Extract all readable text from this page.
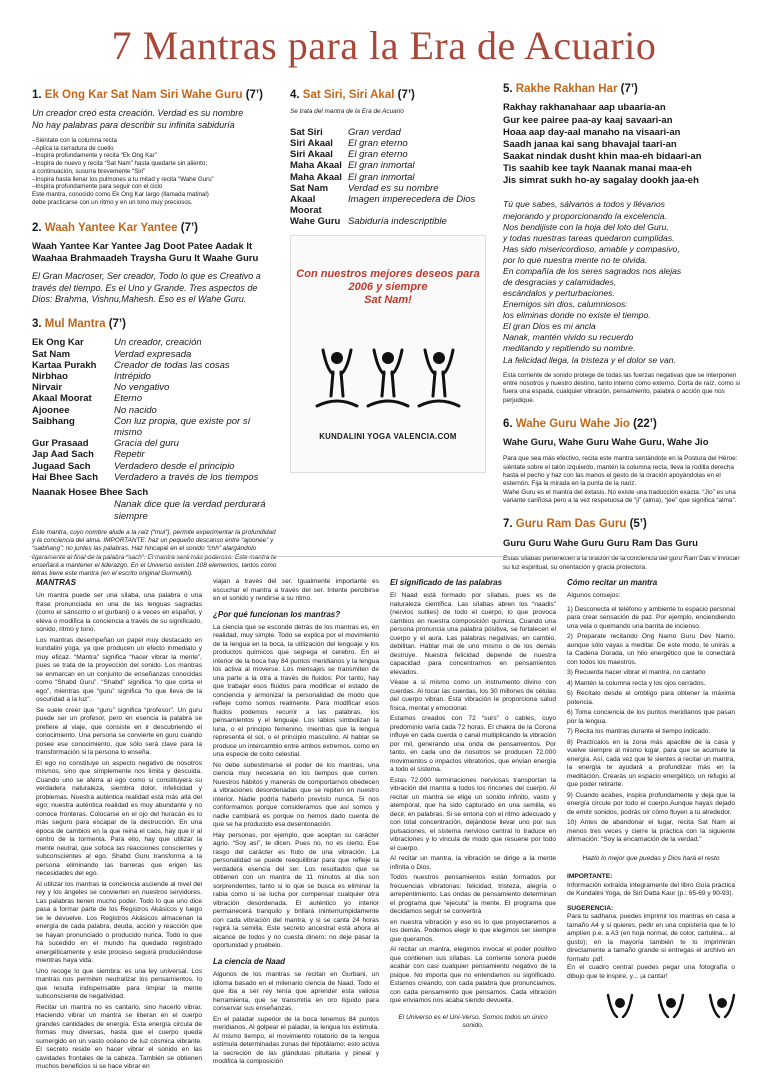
7 Mantras para la Era de Acuario
1. Ek Ong Kar Sat Nam Siri Wahe Guru (7’)
Un creador creó esta creación. Verdad es su nombre
No hay palabras para describir su infinita sabiduría
–Siéntate con la columna recta
–Aplica la cerradura de cuello
–Inspira profundamente y recita “Ek Ong Kar”
–Inspira de nuevo y recita “Sat Nam” hasta quedarte sin aliento;
a continuación, susurra brevemente “Siri”
–Inspira hasta llenar los pulmones a tu mitad y recita “Wahe Guru”
–Inspira profundamente para seguir con el ciclo
Este mantra, conocido como Ek Ong Kar largo (llamada matinal)
debe practicarse con un ritmo y en un tono muy preciosos.
2. Waah Yantee Kar Yantee (7’)
Waah Yantee Kar Yantee Jag Doot Patee Aadak It
Waahaa Brahmaadeh Traysha Guru It Waahe Guru
El Gran Macroser, Ser creador, Todo lo que es Creativo a través del tiempo. Es el Uno y Grande. Tres aspectos de Dios: Brahma, Vishnu,Mahesh. Eso es el Wahe Guru.
3. Mul Mantra (7’)
Ek Ong Kar	Un creador, creación
Sat Nam	Verdad expresada
Kartaa Purakh	Creador de todas las cosas
Nirbhao	Intrépido
Nirvair	No vengativo
Akaal Moorat	Eterno
Ajoonee	No nacido
Saibhang	Con luz propia, que existe por sí mismo
Gur Prasaad	Gracia del guru
Jap Aad Sach	Repetir
Jugaad Sach	Verdadero desde el principio
Hai Bhee Sach	Verdadero a través de los tiempos
Naanak Hosee Bhee Sach
Nanak dice que la verdad perdurará siempre
Este mantra, cuyo nombre alude a la raíz (“mul”), permite experimentar la profundidad y la conciencia del alma. IMPORTANTE: haz un pequeño descanso entre “ajoonee” y “saibhang”; no juntes las palabras. Haz hincapié en el sonido “chh” alargándolo ligeramente al final de la palabra “sach”. El mantra será más poderoso. Este mantra te enseñará a mantener el liderazgo. En el Universo existen 108 elementos, tantos como letras tiene este mantra (en el escrito original Gurmukhi).
4. Sat Siri, Siri Akal (7’)
Se trata del mantra de la Era de Acuario
Sat Siri	Gran verdad
Siri Akaal	El gran eterno
Siri Akaal	El gran eterno
Maha Akaal	El gran inmortal
Maha Akaal	El gran inmortal
Sat Nam	Verdad es su nombre
Akaal Moorat	Imagen imperecedera de Dios
Wahe Guru	Sabiduría indescriptible
Con nuestros mejores deseos para 2006 y siempre
Sat Nam!
KUNDALINI YOGA VALENCIA.COM
5. Rakhe Rakhan Har (7’)
Rakhay rakhanahaar aap ubaaria-an
Gur kee pairee paa-ay kaaj savaari-an
Hoaa aap day-aal manaho na visaari-an
Saadh janaa kai sang bhavajal taari-an
Saakat nindak dusht khin maa-eh bidaari-an
Tis saahib kee tayk Naanak manai maa-eh
Jis simrat sukh ho-ay sagalay dookh jaa-eh
Tú que sabes, sálvanos a todos y llévanos
mejorando y proporcionando la excelencia.
Nos bendijiste con la hoja del loto del Guru,
y todas nuestras tareas quedaron cumplidas.
Has sido misericordioso, amable y compasivo,
por lo que nuestra mente no te olvida.
En compañía de los seres sagrados nos alejas
de desgracias y calamidades,
escándalos y perturbaciones.
Enemigos sin dios, calumniosos:
los eliminas donde no existe el tiempo.
El gran Dios es mi ancla
Nanak, mantén vivido su recuerdo
meditando y repitiendo su nombre.
La felicidad llega, la tristeza y el dolor se van.
Esta corriente de sonido protege de todas las fuerzas negativas que se interponen entre nosotros y nuestro destino, tanto interno como externo. Corta de raíz, como si fuera una espada, cualquier vibración, pensamiento, palabra o acción que nos perjudique.
6. Wahe Guru Wahe Jio (22’)
Wahe Guru, Wahe Guru Wahe Guru, Wahe Jio
Para que sea más efectivo, recita este mantra sentándote en la Postura del Héroe: siéntate sobre el talón izquierdo, mantén la columna recta, lleva la rodilla derecha hasta el pecho y haz con las manos el gesto de la oración apoyándolas en el esternón. Fija la mirada en la punta de la nariz.
Wahe Guru es el mantra del éxtasis. No existe una traducción exacta. “Jio” es una variante cariñosa pero a la vez respetuosa de “ji” (alma), “jee” que significa “alma”.
7. Guru Ram Das Guru (5’)
Guru Guru Wahe Guru Guru Ram Das Guru
Estas sílabas pertenecen a la oración de la conciencia del guru Ram Das e invocan su luz espiritual, su orientación y gracia protectora.
MANTRAS
Un mantra puede ser una sílaba, una palabra o una frase pronunciada en una de las lenguas sagradas (como el sánscrito o el gurbani) o a veces en español, y eleva o modifica la conciencia a través de su significado, sonido, ritmo y tono.
Los mantras desempeñan un papel muy destacado en kundalini yoga, ya que producen un efecto inmediato y muy eficaz. “Mantra” significa “hacer vibrar la mente”, pues se trata de la proyección del sonido. Los mantras se enmarcan en un conjunto de enseñanzas conocidas como “Shabd Guru”. “Shabd” significa “lo que corta el ego”, mientras que “guru” significa “lo que lleva de la oscuridad a la luz”.
Se suele creer que “guru” significa “profesor”. Un guru puede ser un profesor, pero en esencia la palabra se prefiere al viaje, que consiste en ir descubriendo el conocimiento. Una persona se convierte en guru cuando posee ese conocimiento, que sólo será clave para la transformación si la persona lo enseña.
El ego no constituye un aspecto negativo de nosotros mismos, sino que simplemente nos limita y descuida. Cuando uno se aferra al ego como si constituyera su verdadera naturaleza, siembra dolor, infelicidad y problemas. Nuestra auténtica realidad está más allá del ego; nuestra auténtica realidad es muy abundante y no conoce fronteras. Colocarse en el ojo del huracán es lo más seguro para escapar de la destrucción. En una época de cambios en la que reina el caos, hay que ir al centro de la tormenta. Para ello, hay que utilizar la mente neutral, que sofoca las reacciones conscientes y subconscientes al ego. Shabd Guru transforma a la persona eliminando las barreras que erigen las necesidades del ego.
Al utilizar los mantras la conciencia asciende al nivel del rey y los ángeles se convierten en nuestros servidores. Las palabras tienen mucho poder. Todo lo que uno dice pasa a formar parte de los Registros Akásicos y luego se le devuelve. Los Registros Akásicos almacenan la energía de cada palabra, deuda, acción y reacción que se hayan pronunciado o producido nunca. Todo lo que ha sucedido en el mundo ha quedado registrado energéticamente y este proceso seguirá produciéndose mientras haya vida.
Uno recoge lo que siembra: es una ley universal. Los mantras nos permiten neutralizar los pensamientos, lo que resulta indispensable para limpiar la mente subconsciente de negatividad.
Recitar un mantra no es cantarlo, sino hacerlo vibrar. Haciendo vibrar un mantra se liberan en el cuerpo grandes cantidades de energía. Esta energía circula de formas muy diversas, hasta que el cuerpo queda sumergido en un vasto océano de luz cósmica vibrante. El secreto reside en hacer vibrar el sonido en las cavidades frontales de la cabeza. También se obtienen muchos beneficios si se hace vibrar en
viajan a través del ser. Igualmente importante es escuchar el mantra a través del ser. Intente percibirse en el sonido y rendirse a su ritmo.
¿Por qué funcionan los mantras?
La ciencia que se esconde detrás de los mantras es, en realidad, muy simple. Todo se explica por el movimiento de la lengua en la boca, la utilización del lenguaje y los productos químicos que segrega el cerebro. En el interior de la boca hay 84 puntos meridianos y la lengua los activa al moverse. Los mensajes se transmiten de una parte a la otra a través de fluidos: Por tanto, hay que trabajar esos fluidos para modificar el estado de conciencia y armonizar la personalidad de modo que refleje como somos realmente. Para modificar esos fluidos podemos recurrir a las palabras, los pensamientos y el lenguaje. Los labios simbolizan la luna, o el principio femenino, mientras que la lengua representa el sol, o el principio masculino. Al hablar se produce un intercambio entre ambos extremos, como en una especie de coito celestial.
No debe subestimarse el poder de los mantras, una ciencia muy necesaria en los tiempos que corren. Nuestros hábitos y maneras de comportarnos obedecen a vibraciones desordenadas que se repiten en nuestro interior. Nadie podría haberlo previsto nunca. Si nos conformamos porque consideramos que así somos y nadie cambiará es porque no hemos dado cuenta de que se ha producido esa desentonación.
Hay personas, por ejemplo, que aceptan su carácter agrio. “Soy así”, te dicen. Pues no, no es cierto. Ese rasgo del carácter es fruto de una vibración. La personalidad se puede reequilibrar para que refleje la verdadera esencia del ser. Los resultados que se obtienen con un mantra de 11 minutos al día son sorprendentes, tanto si lo que se busca es eliminar la rabia como si se lucha por compensar cualquier otra vibración desordenada. El auténtico yo interior permanecerá tranquilo y brillará ininterrumpidamente con cada vibración del mantra, y si se canta 24 horas regirá la semilla. Este secreto ancestral está ahora al alcance de todos y no cuesta dinero: no deje pasar la oportunidad y pruébelo.
La ciencia de Naad
Algunos de los mantras se recitan en Gurbani, un idioma basado en el milenario ciencia de Naad. Todo el que iba a ser rey tenía que aprender esta valiosa herramienta, que se transmitía en oro líquido para conservar sus enseñanzas.
En el paladar superior de la boca tenemos 84 puntos meridianos. Al golpear el paladar, la lengua los estimula. Al mismo tiempo, el movimiento rotatorio de la lengua estimula determinadas zonas del hipotálamo; esto activa la secreción de las glándulas pituitaria y pineal y modifica la composición
El significado de las palabras
El Naad está formado por sílabas, pues es de naturaleza científica. Las sílabas abren los “naadis” (nervios sutiles) de todo el cuerpo, lo que provoca cambios en nuestra composición química. Cuando una persona pronuncia una palabra positiva, se fortalecen el cuerpo y el aura. Las palabras negativas, en cambio, debilitan. Hablar mal de uno mismo o de los demás destruye. Nuestra felicidad depende de nuestra capacidad para concentrarnos en pensamientos elevados.
Véase a sí mismo como un instrumento divino con cuerdas. Al tocar las cuerdas, los 30 millones de células del cuerpo vibran. Esta vibración le proporciona salud física, mental y emocional.
Estamos creados con 72 “surs” o cables, cuyo predominio varía cada 72 horas. El chakra de la Corona influye en cada cuerda o canal multiplicando la vibración por mil, generando una onda de pensamientos. Por tanto, en cada uno de nosotros se producen 72.000 movimientos o impactos vibratorios, que envían energía a todo el sistema.
Estas 72.000 terminaciones nerviosas transportan la vibración del mantra a todos los rincones del cuerpo. Al recitar un mantra se elige un sonido infinito, vasto y atemporal, que ha sido capturado en una semilla, es decir, en palabras. Si se entona con el ritmo adecuado y con total concentración, dejándose llevar uno por sus pulsaciones, el sistema nervioso central lo traduce en vibraciones y lo vincula de modo que resuene por todo el cuerpo.
Al recitar un mantra, la vibración se dirige a la mente infinita o Dios.
Todos nuestros pensamientos están formados por frecuencias vibratorias: felicidad, tristeza, alegría o arrepentimiento. Las ondas de pensamiento determinan el programa que “ejecuta” la mente. El programa que decidamos seguir se convertirá
en nuestra vibración y eso es lo que proyectaremos a los demás. Podemos elegir lo que elegimos ser siempre que queramos.
Al recitar un mantra, elegimos invocar el poder positivo que contienen sus sílabas. La corriente sonora puede acabar con casi cualquier pensamiento negativo de la psique. No importa que no entendamos su significado. Estamos creando, con cada palabra que pronunciamos, con cada pensamiento que pensamos. Cada vibración que enviamos nos acaba siendo devuelta.
El Universo es el Uni-Verso. Somos todos un único sonido.
Cómo recitar un mantra
Algunos consejos:
1) Desconecta el teléfono y ambiente tu espacio personal para crear sensación de paz. Por ejemplo, enciendiendo una vela o quemando una barrita de incienso.
2) Preparate recitando Ong Namo Guru Dev Namo, aunque sólo vayas a meditar. De este modo, te unirás a la Cadena Dorada, un hilo energético que te conectará con todos los maestros.
3) Recuerda hacer vibrar el mantra, no cantarlo
4) Mantén la columna recta y los ojos cerrados.
5) Recítalo desde el ombligo para obtener la máxima potencia.
6) Toma conciencia de los puntos meridianos que pasan por la lengua.
7) Recita los mantras durante el tiempo indicado.
8) Practícalos en la zona más apacible de la casa y vuelve siempre al mismo lugar, para que se acumule la energía. Así, cada vez que te sientes a recitar un mantra, la energía te ayudará a profundizar más en la meditación. Crearás un espacio energético, un refugio al que poder retirarte.
9) Cuando acabes, inspira profundamente y deja que la energía circule por todo el cuerpo.Aunque hayas dejado de emitir sonidos, podrás oír cómo fluyen a tu alrededor.
10) Antes de abandonar el lugar, recita Sat Nam al menos tres veces y cierre la práctica con la siguiente afirmación: “Soy la encarnación de la verdad.”
Hazlo lo mejor que puedas y Dios hará el resto
IMPORTANTE:
Información extraída íntegramente del libro Guía práctica de Kundalini Yoga, de Siri Datta Kaur (p.: 65-69 y 90-93).
SUGERENCIA:
Para tu sadhana, puedes imprimir los mantras en casa a tamaño A4 y si quieres, pedir en una copistería que te lo amplíen p.e. a A3 (en hoja normal, de color, cartulina... al gusto); en la mayoría también te lo imprimirán directamente a tamaño grande si entregas el archivo en formato .pdf.
En el cuadro central puedes pegar una fotografía o dibujo que te inspire, y... ¡a cantar!
